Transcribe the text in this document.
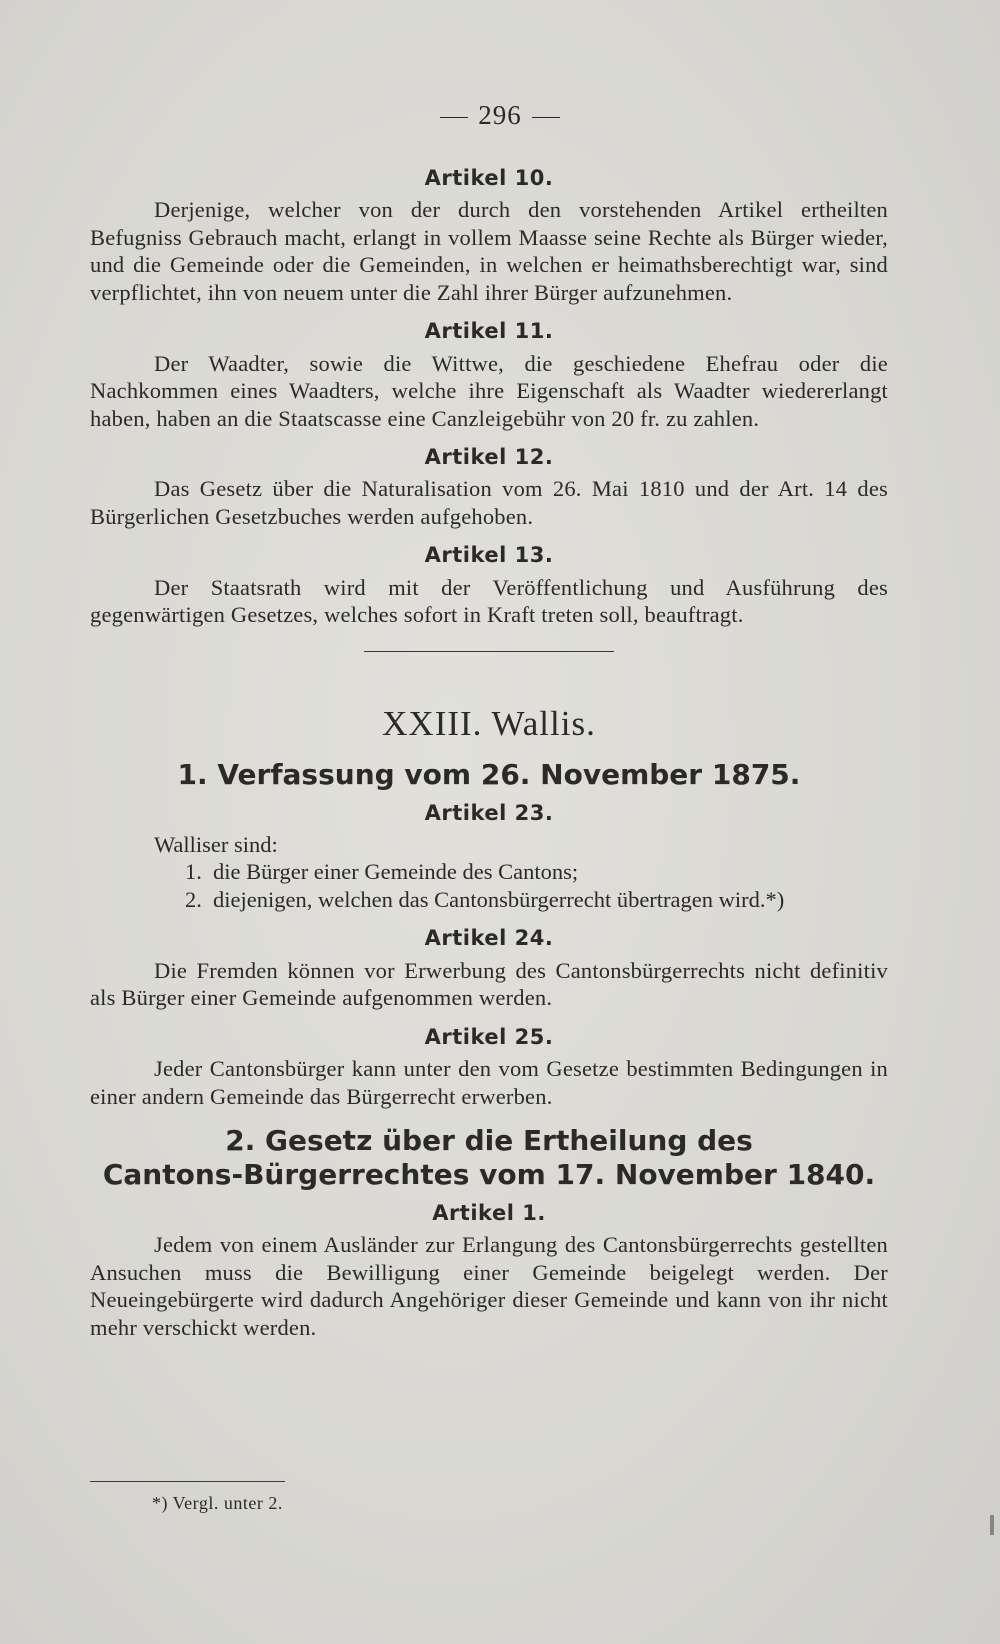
296
Artikel 10.

Derjenige, welcher von der durch den vorstehenden Artikel ertheilten Befugniss Gebrauch macht, erlangt in vollem Maasse seine Rechte als Bürger wieder, und die Gemeinde oder die Gemeinden, in welchen er heimathsberechtigt war, sind verpflichtet, ihn von neuem unter die Zahl ihrer Bürger aufzunehmen.

Artikel 11.

Der Waadter, sowie die Wittwe, die geschiedene Ehefrau oder die Nachkommen eines Waadters, welche ihre Eigenschaft als Waadter wiedererlangt haben, haben an die Staatscasse eine Canzleigebühr von 20 fr. zu zahlen.

Artikel 12.

Das Gesetz über die Naturalisation vom 26. Mai 1810 und der Art. 14 des Bürgerlichen Gesetzbuches werden aufgehoben.

Artikel 13.

Der Staatsrath wird mit der Veröffentlichung und Ausführung des gegenwärtigen Gesetzes, welches sofort in Kraft treten soll, beauftragt.

XXIII. Wallis.
1. Verfassung vom 26. November 1875.
Artikel 23.
Walliser sind:
1. die Bürger einer Gemeinde des Cantons;
2. diejenigen, welchen das Cantonsbürgerrecht übertragen wird.*)
Artikel 24.

Die Fremden können vor Erwerbung des Cantonsbürgerrechts nicht definitiv als Bürger einer Gemeinde aufgenommen werden.

Artikel 25.

Jeder Cantonsbürger kann unter den vom Gesetze bestimmten Bedingungen in einer andern Gemeinde das Bürgerrecht erwerben.

2. Gesetz über die Ertheilung des
Cantons-Bürgerrechtes vom 17. November 1840.
Artikel 1.

Jedem von einem Ausländer zur Erlangung des Cantonsbürgerrechts gestellten Ansuchen muss die Bewilligung einer Gemeinde beigelegt werden. Der Neueingebürgerte wird dadurch Angehöriger dieser Gemeinde und kann von ihr nicht mehr verschickt werden.

*) Vergl. unter 2.
